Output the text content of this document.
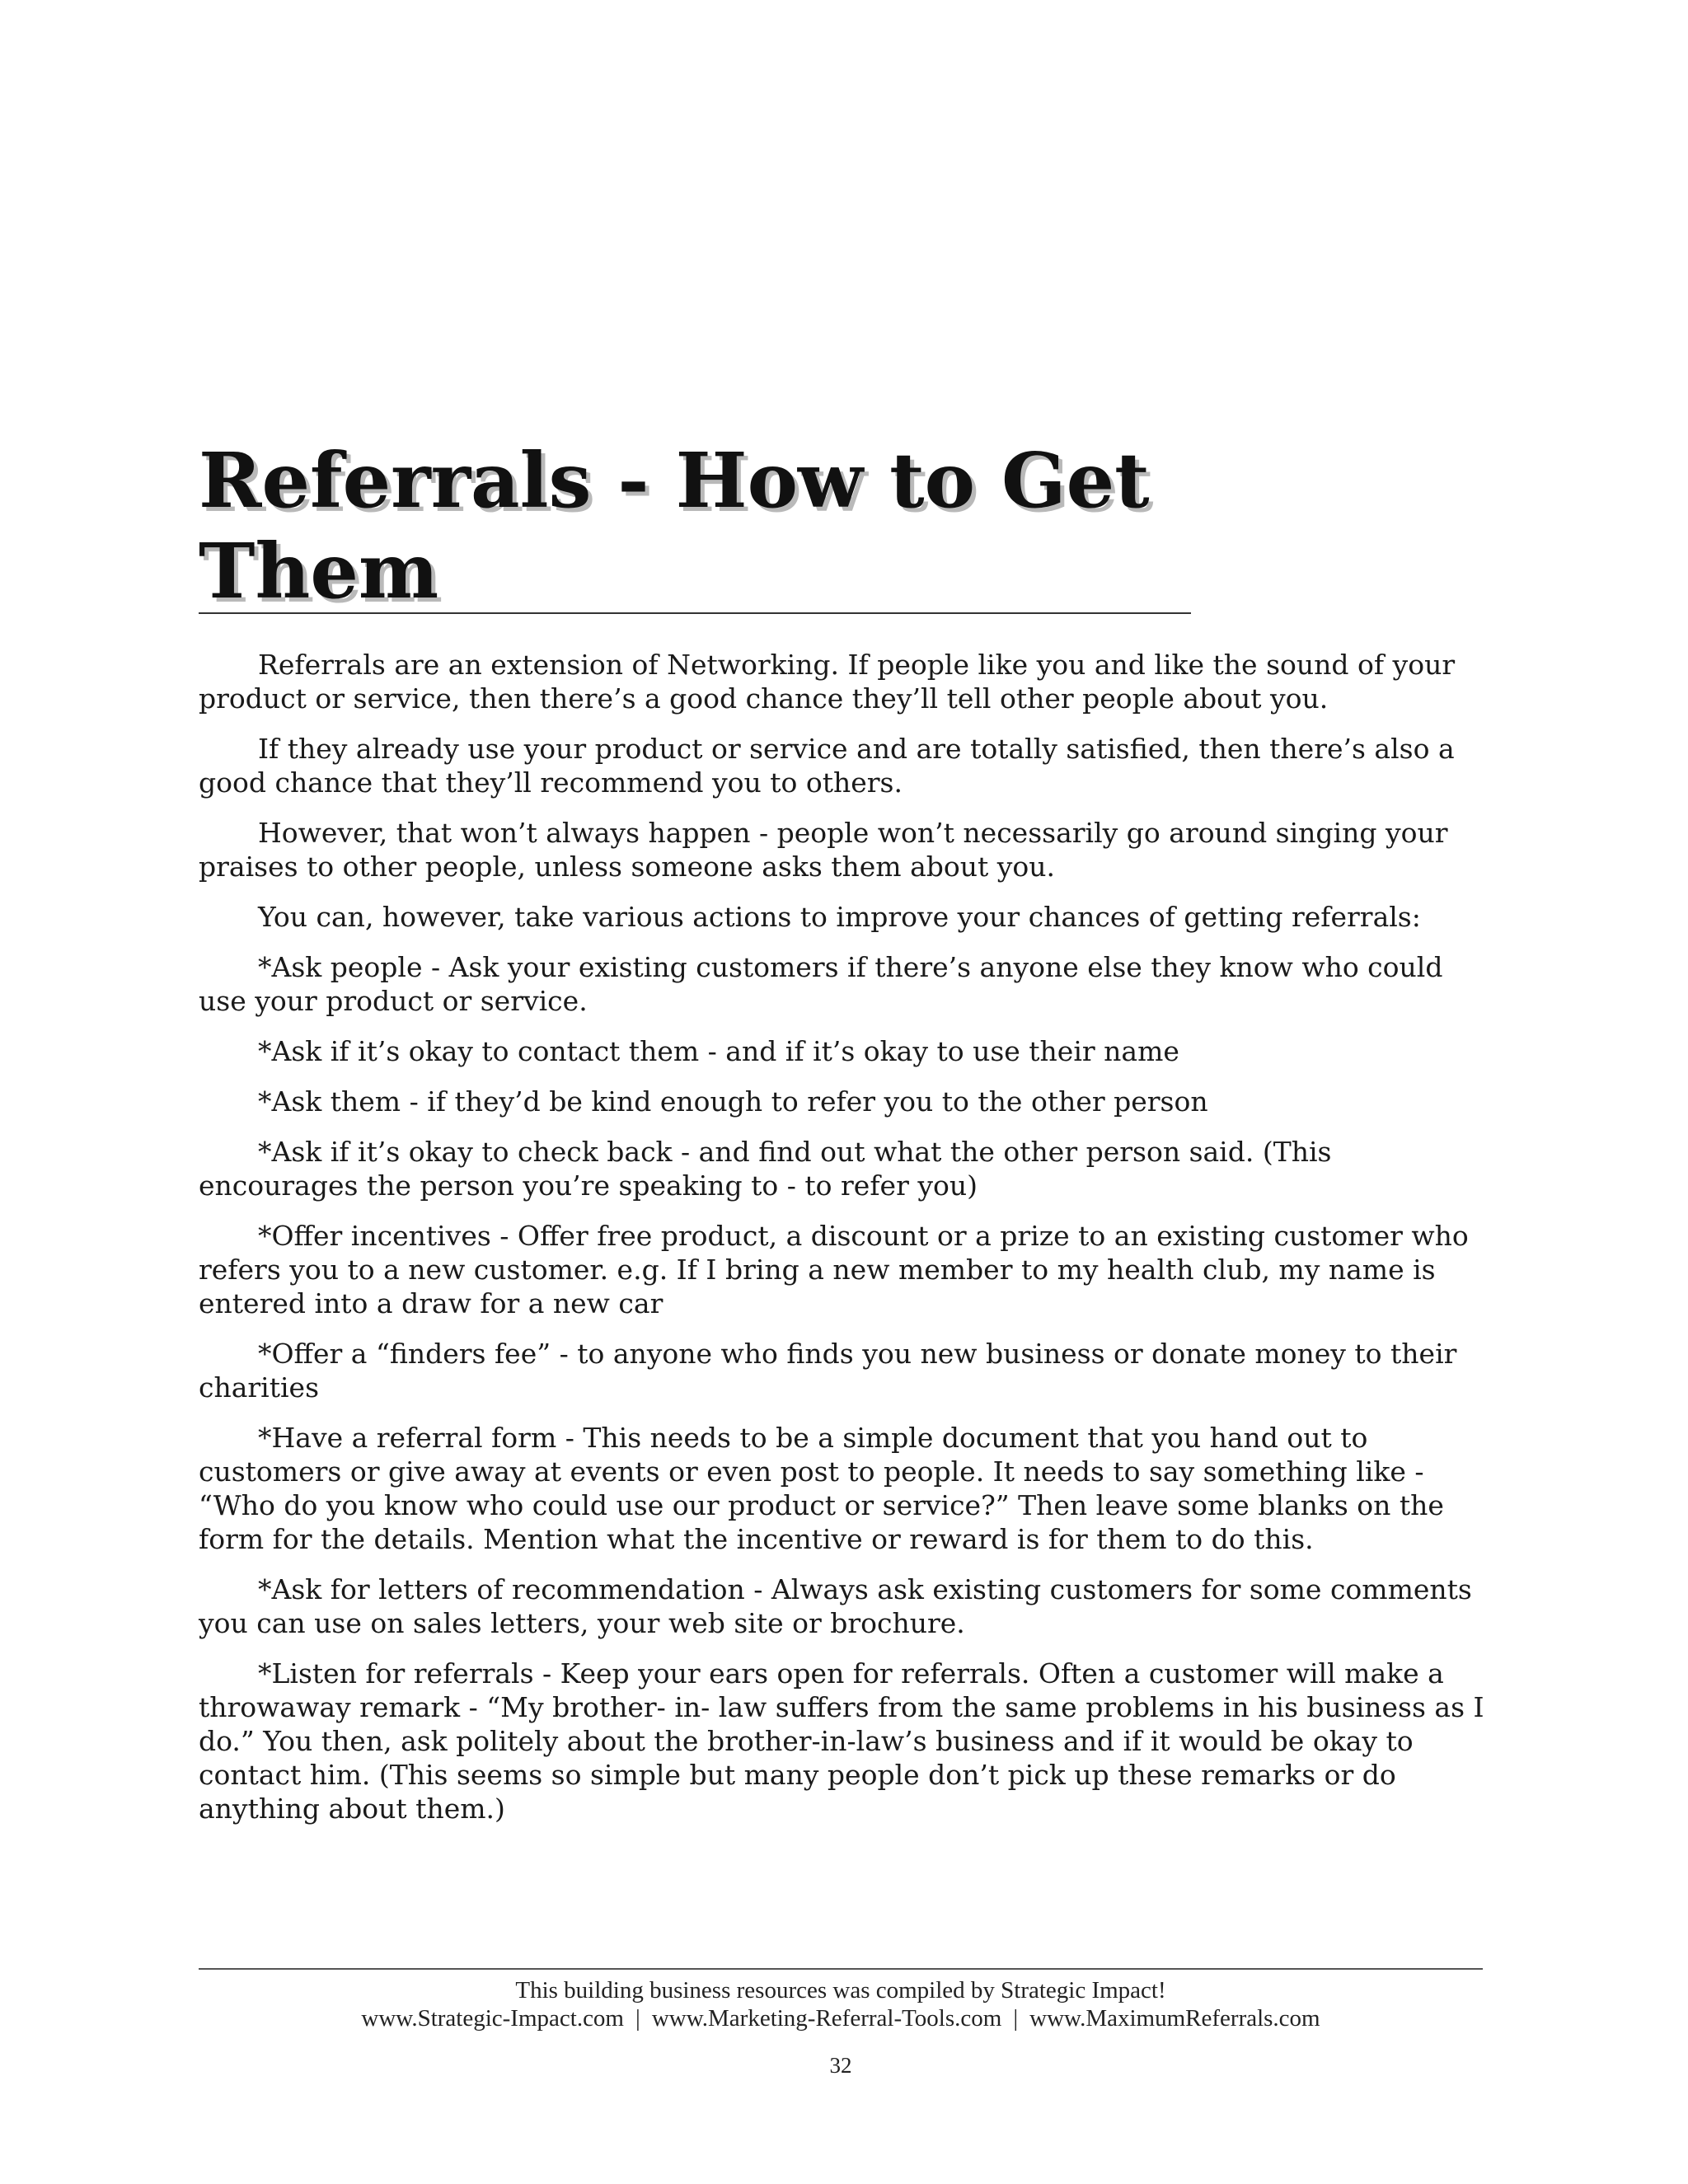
Referrals - How to Get
Them

Referrals are an extension of Networking. If people like you and like the sound of your product or service, then there’s a good chance they’ll tell other people about you.

If they already use your product or service and are totally satisfied, then there’s also a good chance that they’ll recommend you to others.

However, that won’t always happen - people won’t necessarily go around singing your praises to other people, unless someone asks them about you.

You can, however, take various actions to improve your chances of getting referrals:

*Ask people - Ask your existing customers if there’s anyone else they know who could use your product or service.

*Ask if it’s okay to contact them - and if it’s okay to use their name

*Ask them - if they’d be kind enough to refer you to the other person

*Ask if it’s okay to check back - and find out what the other person said. (This encourages the person you’re speaking to - to refer you)

*Offer incentives - Offer free product, a discount or a prize to an existing customer who refers you to a new customer. e.g. If I bring a new member to my health club, my name is entered into a draw for a new car

*Offer a “finders fee” - to anyone who finds you new business or donate money to their charities

*Have a referral form - This needs to be a simple document that you hand out to customers or give away at events or even post to people. It needs to say something like - “Who do you know who could use our product or service?” Then leave some blanks on the form for the details. Mention what the incentive or reward is for them to do this.

*Ask for letters of recommendation - Always ask existing customers for some comments you can use on sales letters, your web site or brochure.

*Listen for referrals - Keep your ears open for referrals. Often a customer will make a throwaway remark - “My brother- in- law suffers from the same problems in his business as I do.” You then, ask politely about the brother-in-law’s business and if it would be okay to contact him. (This seems so simple but many people don’t pick up these remarks or do anything about them.)

This building business resources was compiled by Strategic Impact!

www.Strategic-Impact.com | www.Marketing-Referral-Tools.com | www.MaximumReferrals.com

32
